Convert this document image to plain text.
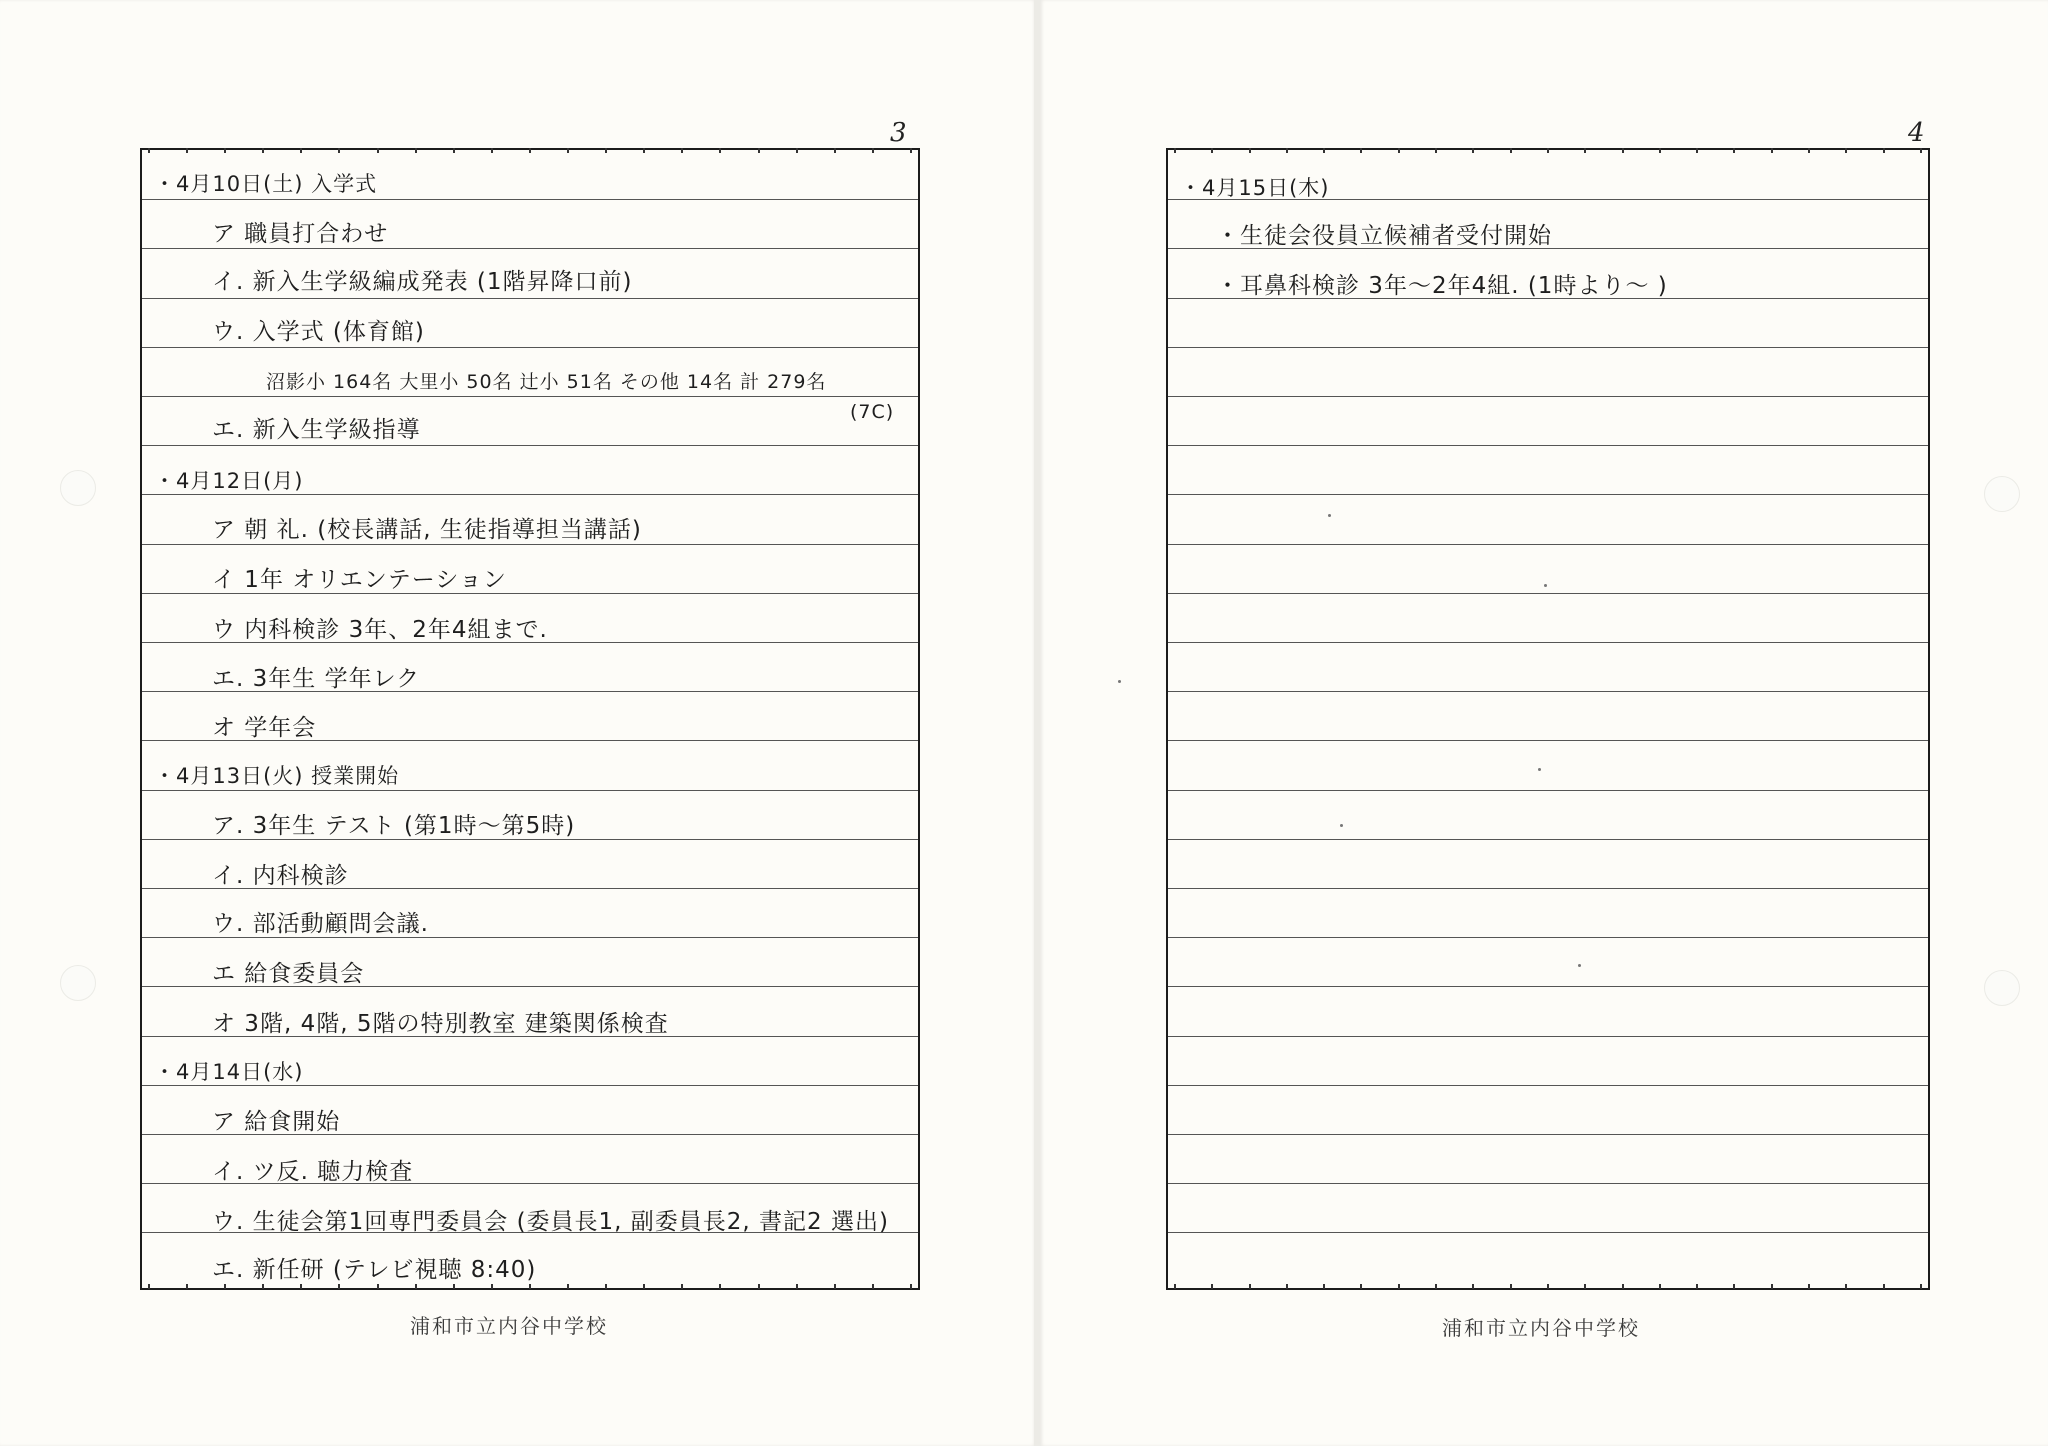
3
・4月10日(土) 入学式
ア 職員打合わせ
イ. 新入生学級編成発表 (1階昇降口前)
ウ. 入学式 (体育館)
沼影小 164名 大里小 50名 辻小 51名 その他 14名 計 279名
(7C)
エ. 新入生学級指導
・4月12日(月)
ア 朝 礼. (校長講話, 生徒指導担当講話)
イ 1年 オリエンテーション
ウ 内科検診 3年、2年4組まで.
エ. 3年生 学年レク
オ 学年会
・4月13日(火) 授業開始
ア. 3年生 テスト (第1時〜第5時)
イ. 内科検診
ウ. 部活動顧問会議.
エ 給食委員会
オ 3階, 4階, 5階の特別教室 建築関係検査
・4月14日(水)
ア 給食開始
イ. ツ反. 聴力検査
ウ. 生徒会第1回専門委員会 (委員長1, 副委員長2, 書記2 選出)
エ. 新任研 (テレビ視聴 8:40)
浦和市立内谷中学校
4
・4月15日(木)
・生徒会役員立候補者受付開始
・耳鼻科検診 3年〜2年4組. (1時より〜 )
浦和市立内谷中学校
